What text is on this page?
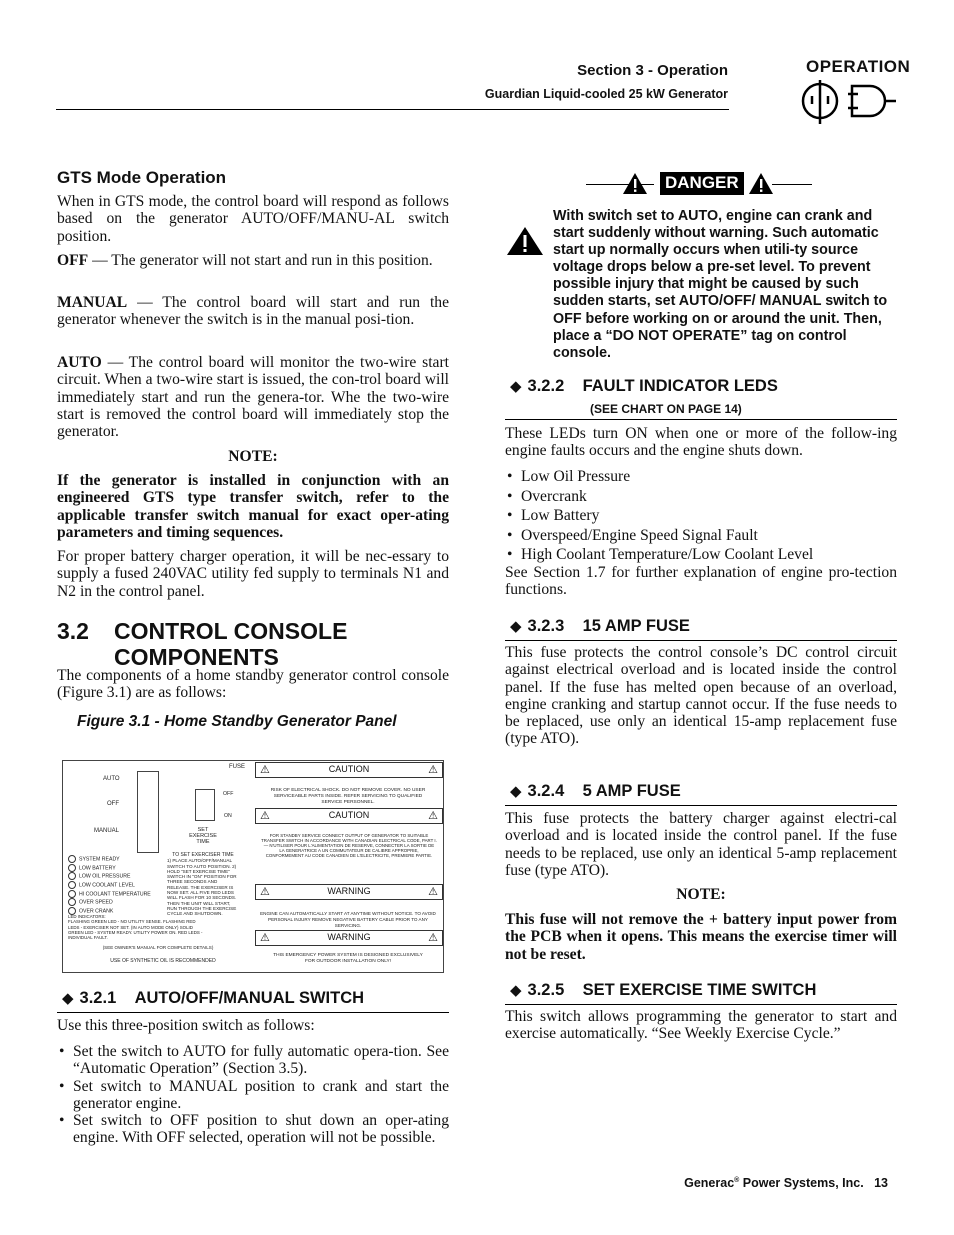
Section 3 - Operation
Guardian Liquid-cooled 25 kW Generator
OPERATION
GTS Mode Operation

When in GTS mode, the control board will respond as follows based on the generator AUTO/OFF/MANU-AL switch position.

OFF — The generator will not start and run in this position.

MANUAL — The control board will start and run the generator whenever the switch is in the manual posi-tion.

AUTO — The control board will monitor the two-wire start circuit. When a two-wire start is issued, the con-trol board will immediately start and run the genera-tor. Whe the two-wire start is removed the control board will immediately stop the generator.

NOTE:

If the generator is installed in conjunction with an engineered GTS type transfer switch, refer to the applicable transfer switch manual for exact oper-ating parameters and timing sequences.

For proper battery charger operation, it will be nec-essary to supply a fused 240VAC utility fed supply to terminals N1 and N2 in the control panel.

3.2 CONTROL CONSOLE
COMPONENTS

The components of a home standby generator control console (Figure 3.1) are as follows:

Figure 3.1 - Home Standby Generator Panel
AUTO
OFF
MANUAL
FUSE
OFF
ON
SET
EXERCISE
TIME
SYSTEM READY
LOW BATTERY
LOW OIL PRESSURE
LOW COOLANT LEVEL
HI COOLANT TEMPERATURE
OVER SPEED
OVER CRANK
TO SET EXERCISER TIME
1) PLACE AUTO/OFF/MANUAL SWITCH TO AUTO POSITION. 2) HOLD "SET EXERCISE TIME" SWITCH IN "ON" POSITION FOR THREE SECONDS AND RELEASE. THE EXERCISER IS NOW SET. ALL FIVE RED LEDS WILL FLASH FOR 10 SECONDS. THEN THE UNIT WILL START, RUN THROUGH THE EXERCISE CYCLE AND SHUTDOWN.
LED INDICATORS:
FLASHING GREEN LED - NO UTILITY SENSE. FLASHING RED LEDS - EXERCISER NOT SET. (IN AUTO MODE ONLY) SOLID GREEN LED - SYSTEM READY. UTILITY POWER ON. RED LEDS - INDIVIDUAL FAULT.
(SEE OWNER'S MANUAL FOR COMPLETE DETAILS)
USE OF SYNTHETIC OIL IS RECOMMENDED
⚠	CAUTION	⚠
RISK OF ELECTRICAL SHOCK. DO NOT REMOVE COVER. NO USER SERVICEABLE PARTS INSIDE. REFER SERVICING TO QUALIFIED SERVICE PERSONNEL.
⚠	CAUTION	⚠
FOR STANDBY SERVICE CONNECT OUTPUT OF GENERATOR TO SUITABLE TRANSFER SWITCH IN ACCORDANCE WITH CANADIAN ELECTRICAL CODE, PART I. — N'UTILISER POUR L'ALIMENTATION DE RESERVE, CONNECTER LA SORTIE DE LA GENERATRICE A UN COMMUTATEUR DE CALIBRE APPROPRIE, CONFORMEMENT AU CODE CANADIEN DE L'ELECTRICITE, PREMIERE PARTIE.
⚠	WARNING	⚠
ENGINE CAN AUTOMATICALLY START AT ANYTIME WITHOUT NOTICE. TO AVOID PERSONAL INJURY REMOVE NEGATIVE BATTERY CABLE PRIOR TO ANY SERVICING.
⚠	WARNING	⚠
THIS EMERGENCY POWER SYSTEM IS DESIGNED EXCLUSIVELY FOR OUTDOOR INSTALLATION ONLY!
◆ 3.2.1 AUTO/OFF/MANUAL SWITCH

Use this three-position switch as follows:

• Set the switch to AUTO for fully automatic opera-tion. See “Automatic Operation” (Section 3.5).
• Set switch to MANUAL position to crank and start the generator engine.
• Set switch to OFF position to shut down an oper-ating engine. With OFF selected, operation will not be possible.
DANGER

With switch set to AUTO, engine can crank and start suddenly without warning. Such automatic start up normally occurs when utili-ty source voltage drops below a pre-set level. To prevent possible injury that might be caused by such sudden starts, set AUTO/OFF/ MANUAL switch to OFF before working on or around the unit. Then, place a “DO NOT OPERATE” tag on control console.

◆ 3.2.2 FAULT INDICATOR LEDS
(SEE CHART ON PAGE 14)

These LEDs turn ON when one or more of the follow-ing engine faults occurs and the engine shuts down.

• Low Oil Pressure
• Overcrank
• Low Battery
• Overspeed/Engine Speed Signal Fault
• High Coolant Temperature/Low Coolant Level

See Section 1.7 for further explanation of engine pro-tection functions.

◆ 3.2.3 15 AMP FUSE

This fuse protects the control console’s DC control circuit against electrical overload and is located inside the control panel. If the fuse has melted open because of an overload, engine cranking and startup cannot occur. If the fuse needs to be replaced, use only an identical 15-amp replacement fuse (type ATO).

◆ 3.2.4 5 AMP FUSE

This fuse protects the battery charger against electri-cal overload and is located inside the control panel. If the fuse needs to be replaced, use only an identical 5-amp replacement fuse (type ATO).

NOTE:

This fuse will not remove the + battery input power from the PCB when it opens. This means the exercise timer will not be reset.

◆ 3.2.5 SET EXERCISE TIME SWITCH

This switch allows programming the generator to start and exercise automatically. “See Weekly Exercise Cycle.”

Generac® Power Systems, Inc. 13
